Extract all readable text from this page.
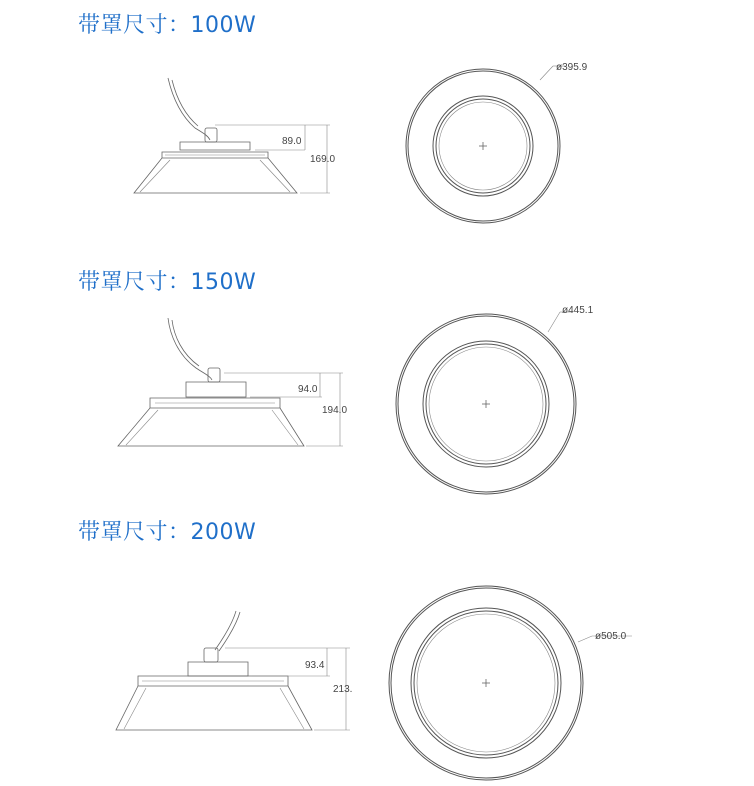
带罩尺寸：100W
带罩尺寸：150W
带罩尺寸：200W
89.0
169.0
ø395.9
94.0
194.0
ø445.1
93.4
213.
ø505.0
